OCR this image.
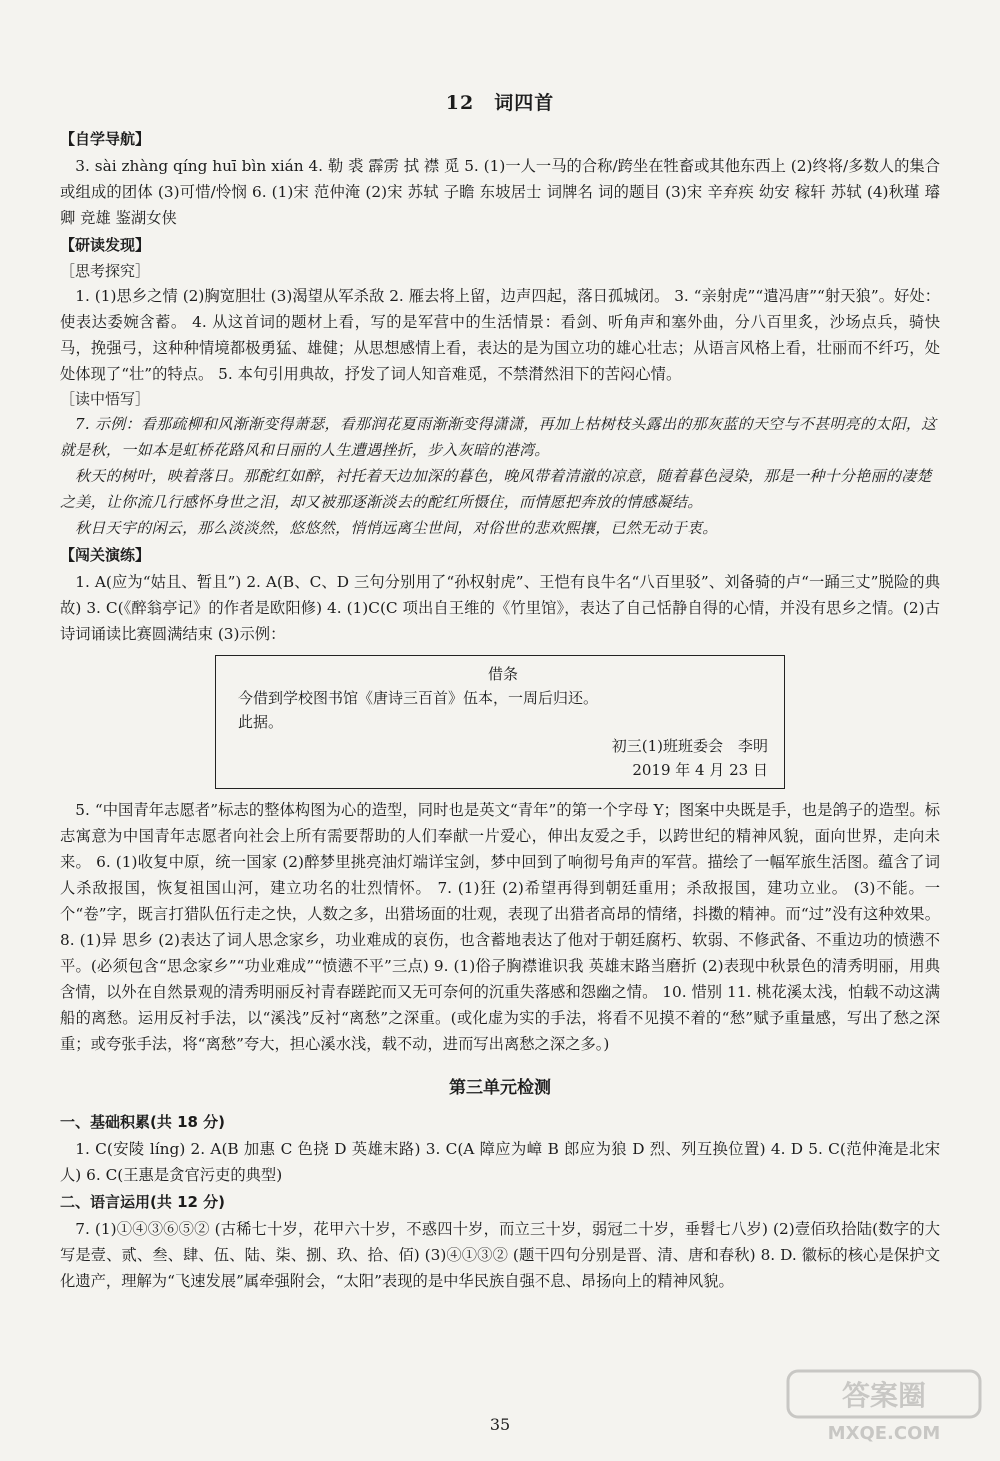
12　词四首
【自学导航】

3. sài zhàng qíng huī bìn xián 4. 勒 裘 霹雳 拭 襟 觅 5. (1)一人一马的合称/跨坐在牲畜或其他东西上 (2)终将/多数人的集合或组成的团体 (3)可惜/怜悯 6. (1)宋 范仲淹 (2)宋 苏轼 子瞻 东坡居士 词牌名 词的题目 (3)宋 辛弃疾 幼安 稼轩 苏轼 (4)秋瑾 璿卿 竞雄 鉴湖女侠

【研读发现】
［思考探究］

1. (1)思乡之情 (2)胸宽胆壮 (3)渴望从军杀敌 2. 雁去将上留，边声四起，落日孤城闭。 3. “亲射虎”“遣冯唐”“射天狼”。好处：使表达委婉含蓄。 4. 从这首词的题材上看，写的是军营中的生活情景：看剑、听角声和塞外曲，分八百里炙，沙场点兵，骑快马，挽强弓，这种种情境都极勇猛、雄健；从思想感情上看，表达的是为国立功的雄心壮志；从语言风格上看，壮丽而不纤巧，处处体现了“壮”的特点。 5. 本句引用典故，抒发了词人知音难觅，不禁潸然泪下的苦闷心情。

［读中悟写］

7. 示例：看那疏柳和风渐渐变得萧瑟，看那润花夏雨渐渐变得潇潇，再加上枯树枝头露出的那灰蓝的天空与不甚明亮的太阳，这就是秋，一如本是虹桥花路风和日丽的人生遭遇挫折，步入灰暗的港湾。

秋天的树叶，映着落日。那酡红如醉，衬托着天边加深的暮色，晚风带着清澈的凉意，随着暮色浸染，那是一种十分艳丽的凄楚之美，让你流几行感怀身世之泪，却又被那逐渐淡去的酡红所慑住，而情愿把奔放的情感凝结。

秋日天宇的闲云，那么淡淡然，悠悠然，悄悄远离尘世间，对俗世的悲欢熙攘，已然无动于衷。

【闯关演练】

1. A(应为“姑且、暂且”) 2. A(B、C、D 三句分别用了“孙权射虎”、王恺有良牛名“八百里驳”、刘备骑的卢“一踊三丈”脱险的典故) 3. C(《醉翁亭记》的作者是欧阳修) 4. (1)C(C 项出自王维的《竹里馆》，表达了自己恬静自得的心情，并没有思乡之情。(2)古诗词诵读比赛圆满结束 (3)示例：

借条
今借到学校图书馆《唐诗三百首》伍本，一周后归还。
此据。
初三(1)班班委会　李明
2019 年 4 月 23 日

5. “中国青年志愿者”标志的整体构图为心的造型，同时也是英文“青年”的第一个字母 Y；图案中央既是手，也是鸽子的造型。标志寓意为中国青年志愿者向社会上所有需要帮助的人们奉献一片爱心，伸出友爱之手，以跨世纪的精神风貌，面向世界，走向未来。 6. (1)收复中原，统一国家 (2)醉梦里挑亮油灯端详宝剑，梦中回到了响彻号角声的军营。描绘了一幅军旅生活图。蕴含了词人杀敌报国，恢复祖国山河，建立功名的壮烈情怀。 7. (1)狂 (2)希望再得到朝廷重用；杀敌报国，建功立业。 (3)不能。一个“卷”字，既言打猎队伍行走之快，人数之多，出猎场面的壮观，表现了出猎者高昂的情绪，抖擞的精神。而“过”没有这种效果。 8. (1)异 思乡 (2)表达了词人思念家乡，功业难成的哀伤，也含蓄地表达了他对于朝廷腐朽、软弱、不修武备、不重边功的愤懑不平。(必须包含“思念家乡”“功业难成”“愤懑不平”三点) 9. (1)俗子胸襟谁识我 英雄末路当磨折 (2)表现中秋景色的清秀明丽，用典含情，以外在自然景观的清秀明丽反衬青春蹉跎而又无可奈何的沉重失落感和怨幽之情。 10. 惜别 11. 桃花溪太浅，怕载不动这满船的离愁。运用反衬手法，以“溪浅”反衬“离愁”之深重。(或化虚为实的手法，将看不见摸不着的“愁”赋予重量感，写出了愁之深重；或夸张手法，将“离愁”夸大，担心溪水浅，载不动，进而写出离愁之深之多。)

第三单元检测
一、基础积累(共 18 分)

1. C(安陵 líng) 2. A(B 加惠 C 色挠 D 英雄末路) 3. C(A 障应为嶂 B 郎应为狼 D 烈、列互换位置) 4. D 5. C(范仲淹是北宋人) 6. C(王惠是贪官污吏的典型)

二、语言运用(共 12 分)

7. (1)①④③⑥⑤② (古稀七十岁，花甲六十岁，不惑四十岁，而立三十岁，弱冠二十岁，垂髫七八岁) (2)壹佰玖拾陆(数字的大写是壹、贰、叁、肆、伍、陆、柒、捌、玖、拾、佰) (3)④①③② (题干四句分别是晋、清、唐和春秋) 8. D. 徽标的核心是保护文化遗产，理解为“飞速发展”属牵强附会，“太阳”表现的是中华民族自强不息、昂扬向上的精神风貌。

35
答案圈
MXQE.COM
